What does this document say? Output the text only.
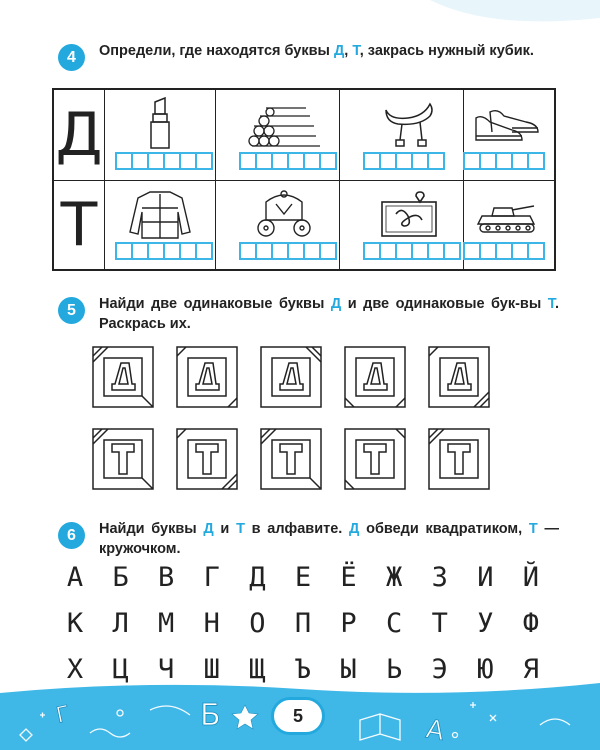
4	Определи, где находятся буквы Д, Т, закрась нужный кубик.
Д
Т
5	Найди две одинаковые буквы Д и две одинаковые бук-вы Т. Раскрась их.
6	Найди буквы Д и Т в алфавите. Д обведи квадратиком, Т — кружочком.
А	Б	В	Г	Д	Е	Ё	Ж	З	И	Й
К	Л	М	Н	О	П	Р	С	Т	У	Ф
Х	Ц	Ч	Ш	Щ	Ъ	Ы	Ь	Э	Ю	Я
Г	Б	А
5
